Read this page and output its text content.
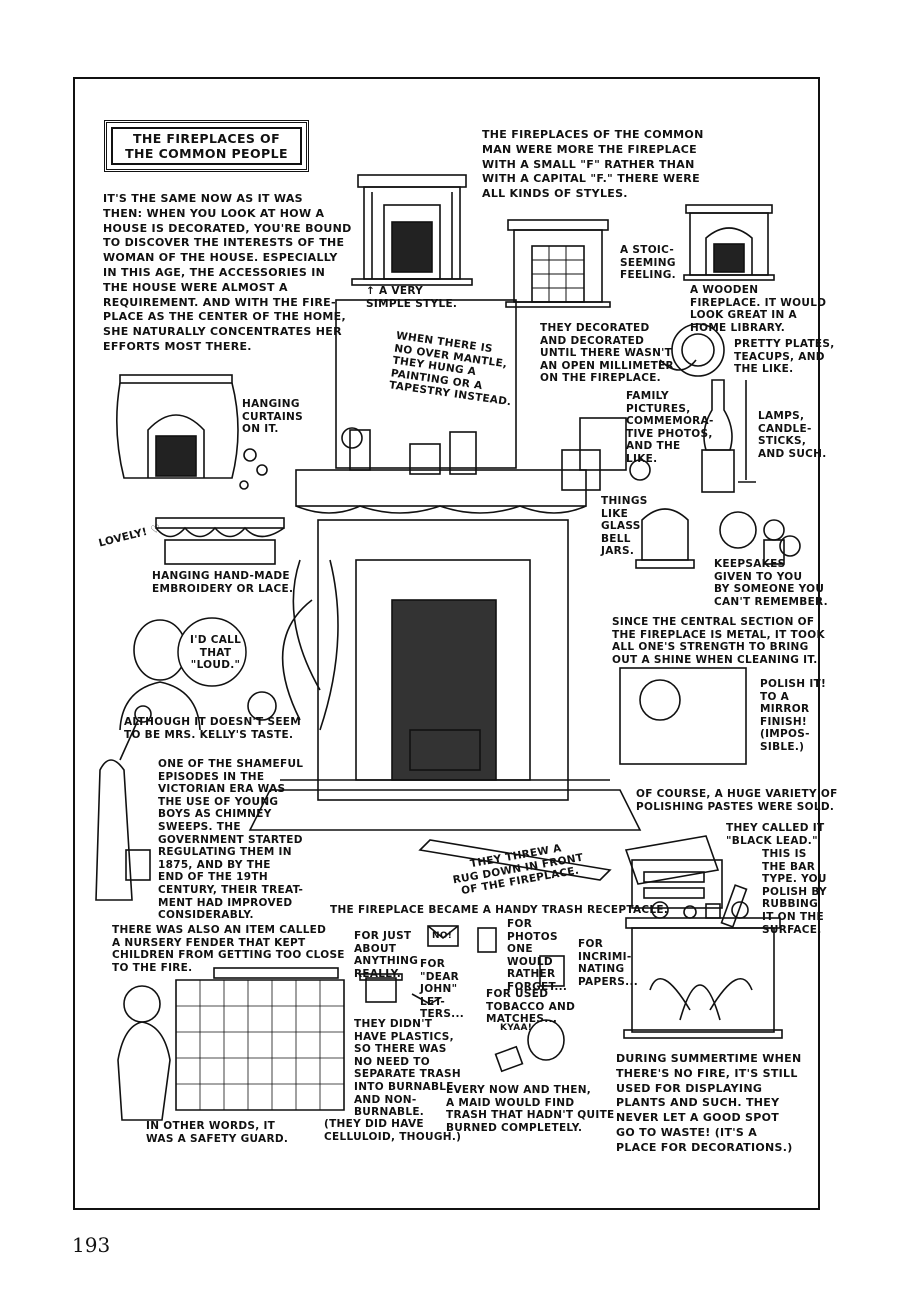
THE FIREPLACES OF
THE COMMON PEOPLE

IT'S THE SAME NOW AS IT WAS
THEN: WHEN YOU LOOK AT HOW A
HOUSE IS DECORATED, YOU'RE BOUND
TO DISCOVER THE INTERESTS OF THE
WOMAN OF THE HOUSE. ESPECIALLY
IN THIS AGE, THE ACCESSORIES IN
THE HOUSE WERE ALMOST A
REQUIREMENT. AND WITH THE FIRE-
PLACE AS THE CENTER OF THE HOME,
SHE NATURALLY CONCENTRATES HER
EFFORTS MOST THERE.

THE FIREPLACES OF THE COMMON
MAN WERE MORE THE FIREPLACE
WITH A SMALL "F" RATHER THAN
WITH A CAPITAL "F." THERE WERE
ALL KINDS OF STYLES.

↑ A VERY
SIMPLE STYLE.

A STOIC-
SEEMING
FEELING.

A WOODEN
FIREPLACE. IT WOULD
LOOK GREAT IN A
HOME LIBRARY.

WHEN THERE IS
NO OVER MANTLE,
THEY HUNG A
PAINTING OR A
TAPESTRY INSTEAD.

THEY DECORATED
AND DECORATED
UNTIL THERE WASN'T
AN OPEN MILLIMETER
ON THE FIREPLACE.

PRETTY PLATES,
TEACUPS, AND
THE LIKE.

FAMILY
PICTURES,
COMMEMORA-
TIVE PHOTOS,
AND THE
LIKE.

LAMPS,
CANDLE-
STICKS,
AND SUCH.

HANGING
CURTAINS
ON IT.

THINGS
LIKE
GLASS
BELL
JARS.

LOVELY! ♡

HANGING HAND-MADE
EMBROIDERY OR LACE.

KEEPSAKES
GIVEN TO YOU
BY SOMEONE YOU
CAN'T REMEMBER.

I'D CALL
THAT
"LOUD."

ALTHOUGH IT DOESN'T SEEM
TO BE MRS. KELLY'S TASTE.

SINCE THE CENTRAL SECTION OF
THE FIREPLACE IS METAL, IT TOOK
ALL ONE'S STRENGTH TO BRING
OUT A SHINE WHEN CLEANING IT.

POLISH IT!
TO A
MIRROR
FINISH!
(IMPOS-
SIBLE.)

ONE OF THE SHAMEFUL
EPISODES IN THE
VICTORIAN ERA WAS
THE USE OF YOUNG
BOYS AS CHIMNEY
SWEEPS. THE
GOVERNMENT STARTED
REGULATING THEM IN
1875, AND BY THE
END OF THE 19TH
CENTURY, THEIR TREAT-
MENT HAD IMPROVED
CONSIDERABLY.

OF COURSE, A HUGE VARIETY OF
POLISHING PASTES WERE SOLD.

THEY CALLED IT
"BLACK LEAD."

THIS IS
THE BAR
TYPE. YOU
POLISH BY
RUBBING
IT ON THE
SURFACE.

THEY THREW A
RUG DOWN IN FRONT
OF THE FIREPLACE.

THE FIREPLACE BECAME A HANDY TRASH RECEPTACLE.

THERE WAS ALSO AN ITEM CALLED
A NURSERY FENDER THAT KEPT
CHILDREN FROM GETTING TOO CLOSE
TO THE FIRE.

FOR JUST
ABOUT
ANYTHING
REALLY.

NO!

FOR
PHOTOS
ONE
WOULD
RATHER
FORGET...

FOR
INCRIMI-
NATING
PAPERS...

FOR
"DEAR
JOHN"
LET-
TERS...

FOR USED
TOBACCO AND
MATCHES...

KYAA!

THEY DIDN'T
HAVE PLASTICS,
SO THERE WAS
NO NEED TO
SEPARATE TRASH
INTO BURNABLE
AND NON-
BURNABLE.

(THEY DID HAVE
CELLULOID, THOUGH.)

IN OTHER WORDS, IT
WAS A SAFETY GUARD.

EVERY NOW AND THEN,
A MAID WOULD FIND
TRASH THAT HADN'T QUITE
BURNED COMPLETELY.

DURING SUMMERTIME WHEN
THERE'S NO FIRE, IT'S STILL
USED FOR DISPLAYING
PLANTS AND SUCH. THEY
NEVER LET A GOOD SPOT
GO TO WASTE! (IT'S A
PLACE FOR DECORATIONS.)

193
